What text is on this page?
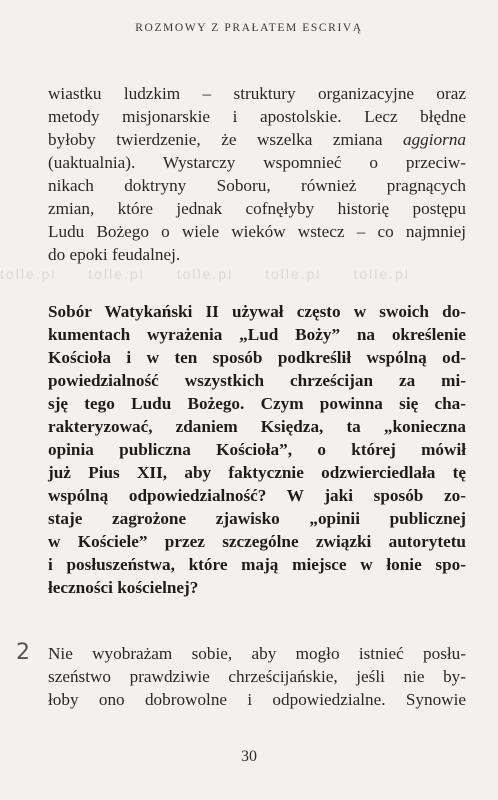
ROZMOWY Z PRAŁATEM ESCRIVĄ
wiastku ludzkim – struktury organizacyjne oraz
metody misjonarskie i apostolskie. Lecz błędne
byłoby twierdzenie, że wszelka zmiana aggiorna
(uaktualnia). Wystarczy wspomnieć o przeciw-
nikach doktryny Soboru, również pragnących
zmian, które jednak cofnęłyby historię postępu
Ludu Bożego o wiele wieków wstecz – co najmniej
do epoki feudalnej.
tolle.pl tolle.pl tolle.pl tolle.pl tolle.pl
Sobór Watykański II używał często w swoich do-
kumentach wyrażenia „Lud Boży” na określenie
Kościoła i w ten sposób podkreślił wspólną od-
powiedzialność wszystkich chrześcijan za mi-
sję tego Ludu Bożego. Czym powinna się cha-
rakteryzować, zdaniem Księdza, ta „konieczna
opinia publiczna Kościoła”, o której mówił
już Pius XII, aby faktycznie odzwierciedlała tę
wspólną odpowiedzialność? W jaki sposób zo-
staje zagrożone zjawisko „opinii publicznej
w Kościele” przez szczególne związki autorytetu
i posłuszeństwa, które mają miejsce w łonie spo-
łeczności kościelnej?
2 Nie wyobrażam sobie, aby mogło istnieć posłu-
szeństwo prawdziwie chrześcijańskie, jeśli nie by-
łoby ono dobrowolne i odpowiedzialne. Synowie
30
